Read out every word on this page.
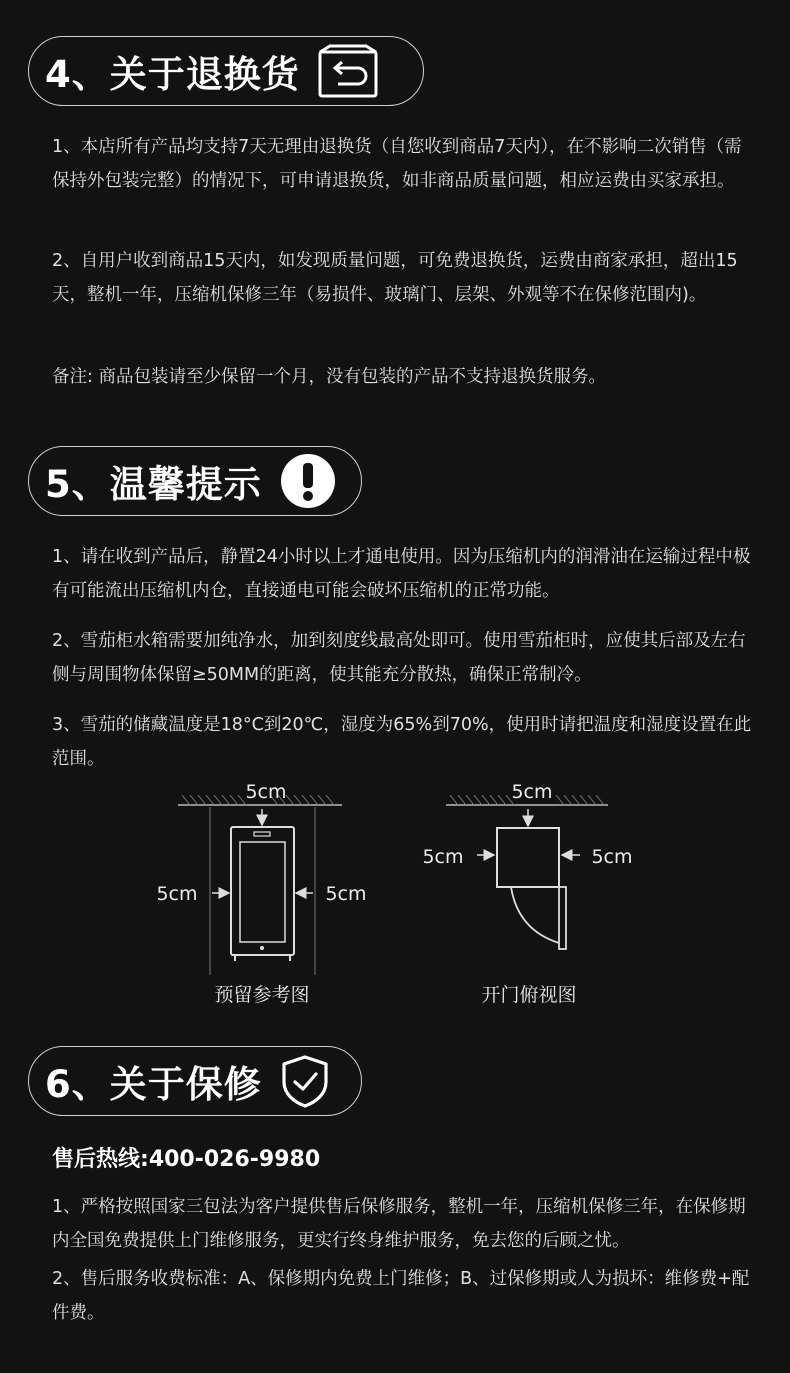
4、关于退换货
1、本店所有产品均支持7天无理由退换货（自您收到商品7天内），在不影响二次销售（需保持外包装完整）的情况下，可申请退换货，如非商品质量问题，相应运费由买家承担。
2、自用户收到商品15天内，如发现质量问题，可免费退换货，运费由商家承担，超出15天，整机一年，压缩机保修三年（易损件、玻璃门、层架、外观等不在保修范围内)。
备注: 商品包装请至少保留一个月，没有包装的产品不支持退换货服务。
5、温馨提示
1、请在收到产品后，静置24小时以上才通电使用。因为压缩机内的润滑油在运输过程中极有可能流出压缩机内仓，直接通电可能会破坏压缩机的正常功能。
2、雪茄柜水箱需要加纯净水，加到刻度线最高处即可。使用雪茄柜时，应使其后部及左右侧与周围物体保留≥50MM的距离，使其能充分散热，确保正常制冷。
3、雪茄的储藏温度是18°C到20℃，湿度为65%到70%，使用时请把温度和湿度设置在此范围。
5cm
5cm	5cm
预留参考图
5cm
5cm	5cm
开门俯视图
6、关于保修
售后热线:400-026-9980
1、严格按照国家三包法为客户提供售后保修服务，整机一年，压缩机保修三年，在保修期内全国免费提供上门维修服务，更实行终身维护服务，免去您的后顾之忧。
2、售后服务收费标准：A、保修期内免费上门维修；B、过保修期或人为损坏：维修费+配件费。
